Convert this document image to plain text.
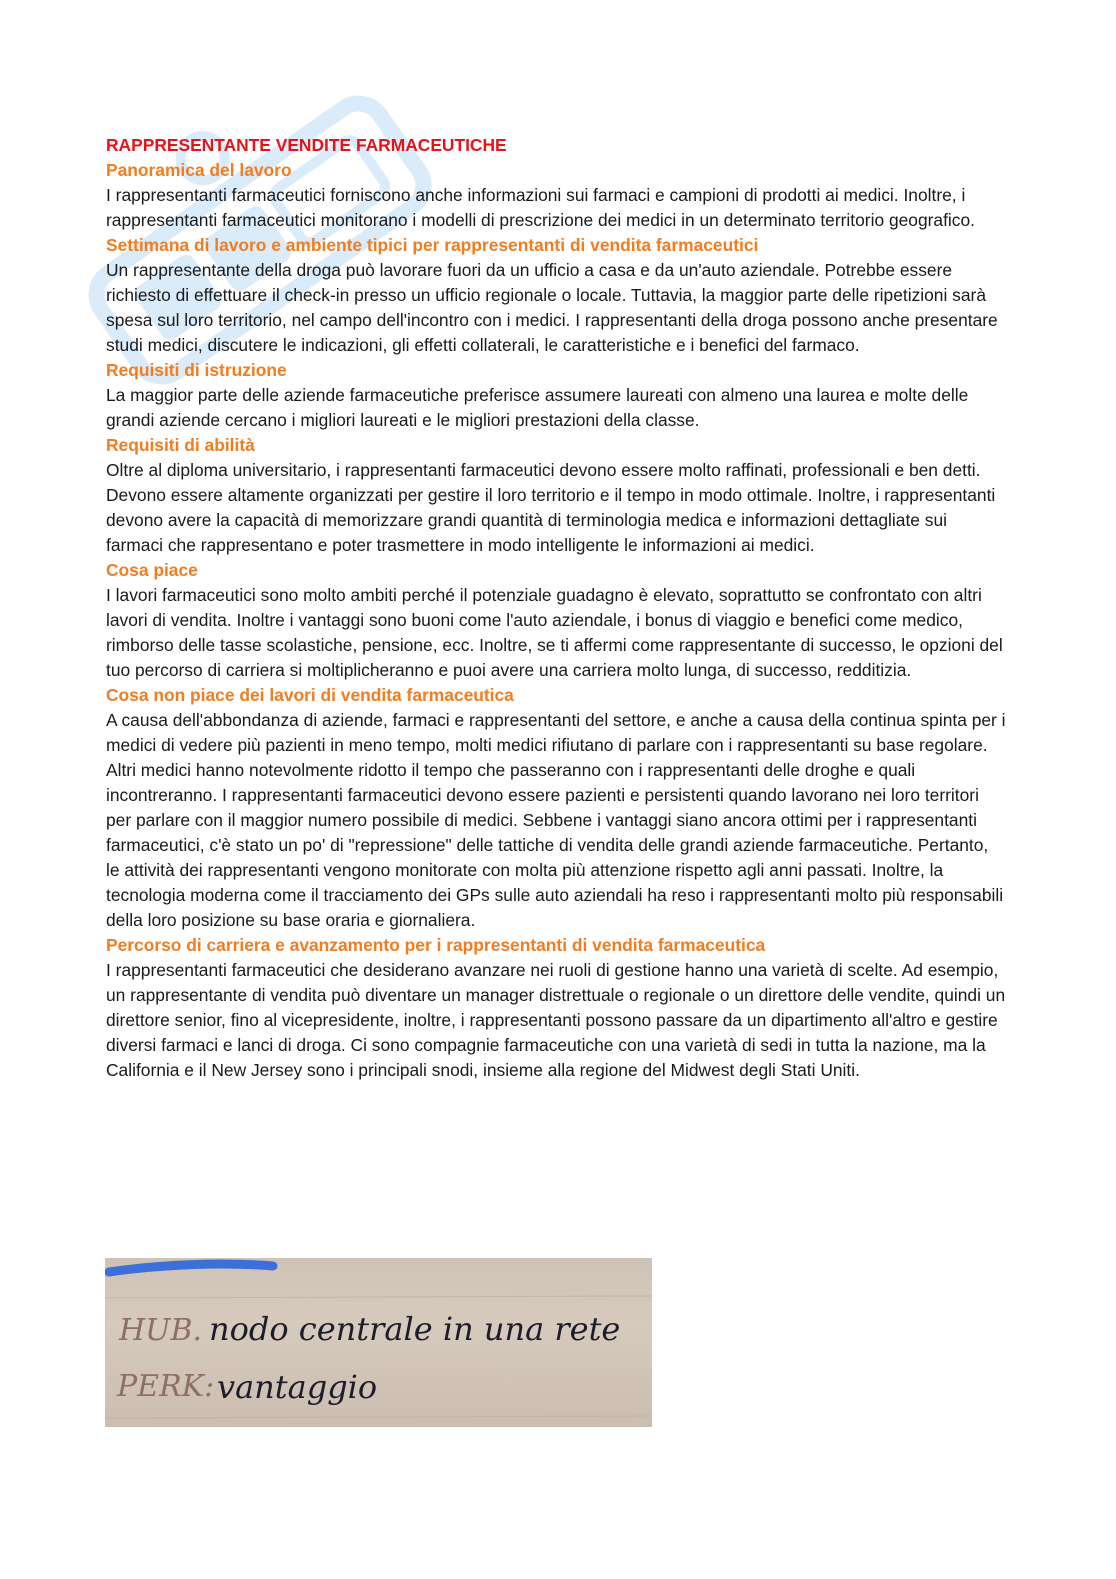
RAPPRESENTANTE VENDITE FARMACEUTICHE
Panoramica del lavoro

I rappresentanti farmaceutici forniscono anche informazioni sui farmaci e campioni di prodotti ai medici. Inoltre, i rappresentanti farmaceutici monitorano i modelli di prescrizione dei medici in un determinato territorio geografico.

Settimana di lavoro e ambiente tipici per rappresentanti di vendita farmaceutici

Un rappresentante della droga può lavorare fuori da un ufficio a casa e da un'auto aziendale. Potrebbe essere richiesto di effettuare il check-in presso un ufficio regionale o locale. Tuttavia, la maggior parte delle ripetizioni sarà spesa sul loro territorio, nel campo dell'incontro con i medici. I rappresentanti della droga possono anche presentare studi medici, discutere le indicazioni, gli effetti collaterali, le caratteristiche e i benefici del farmaco.

Requisiti di istruzione

La maggior parte delle aziende farmaceutiche preferisce assumere laureati con almeno una laurea e molte delle grandi aziende cercano i migliori laureati e le migliori prestazioni della classe.

Requisiti di abilità

Oltre al diploma universitario, i rappresentanti farmaceutici devono essere molto raffinati, professionali e ben detti. Devono essere altamente organizzati per gestire il loro territorio e il tempo in modo ottimale. Inoltre, i rappresentanti devono avere la capacità di memorizzare grandi quantità di terminologia medica e informazioni dettagliate sui farmaci che rappresentano e poter trasmettere in modo intelligente le informazioni ai medici.

Cosa piace

I lavori farmaceutici sono molto ambiti perché il potenziale guadagno è elevato, soprattutto se confrontato con altri lavori di vendita. Inoltre i vantaggi sono buoni come l'auto aziendale, i bonus di viaggio e benefici come medico, rimborso delle tasse scolastiche, pensione, ecc. Inoltre, se ti affermi come rappresentante di successo, le opzioni del tuo percorso di carriera si moltiplicheranno e puoi avere una carriera molto lunga, di successo, redditizia.

Cosa non piace dei lavori di vendita farmaceutica

A causa dell'abbondanza di aziende, farmaci e rappresentanti del settore, e anche a causa della continua spinta per i medici di vedere più pazienti in meno tempo, molti medici rifiutano di parlare con i rappresentanti su base regolare. Altri medici hanno notevolmente ridotto il tempo che passeranno con i rappresentanti delle droghe e quali incontreranno. I rappresentanti farmaceutici devono essere pazienti e persistenti quando lavorano nei loro territori per parlare con il maggior numero possibile di medici. Sebbene i vantaggi siano ancora ottimi per i rappresentanti farmaceutici, c'è stato un po' di "repressione" delle tattiche di vendita delle grandi aziende farmaceutiche. Pertanto, le attività dei rappresentanti vengono monitorate con molta più attenzione rispetto agli anni passati. Inoltre, la tecnologia moderna come il tracciamento dei GPs sulle auto aziendali ha reso i rappresentanti molto più responsabili della loro posizione su base oraria e giornaliera.

Percorso di carriera e avanzamento per i rappresentanti di vendita farmaceutica

I rappresentanti farmaceutici che desiderano avanzare nei ruoli di gestione hanno una varietà di scelte. Ad esempio, un rappresentante di vendita può diventare un manager distrettuale o regionale o un direttore delle vendite, quindi un direttore senior, fino al vicepresidente, inoltre, i rappresentanti possono passare da un dipartimento all'altro e gestire diversi farmaci e lanci di droga. Ci sono compagnie farmaceutiche con una varietà di sedi in tutta la nazione, ma la California e il New Jersey sono i principali snodi, insieme alla regione del Midwest degli Stati Uniti.

HUB. nodo centrale in una rete
PERK: vantaggio
